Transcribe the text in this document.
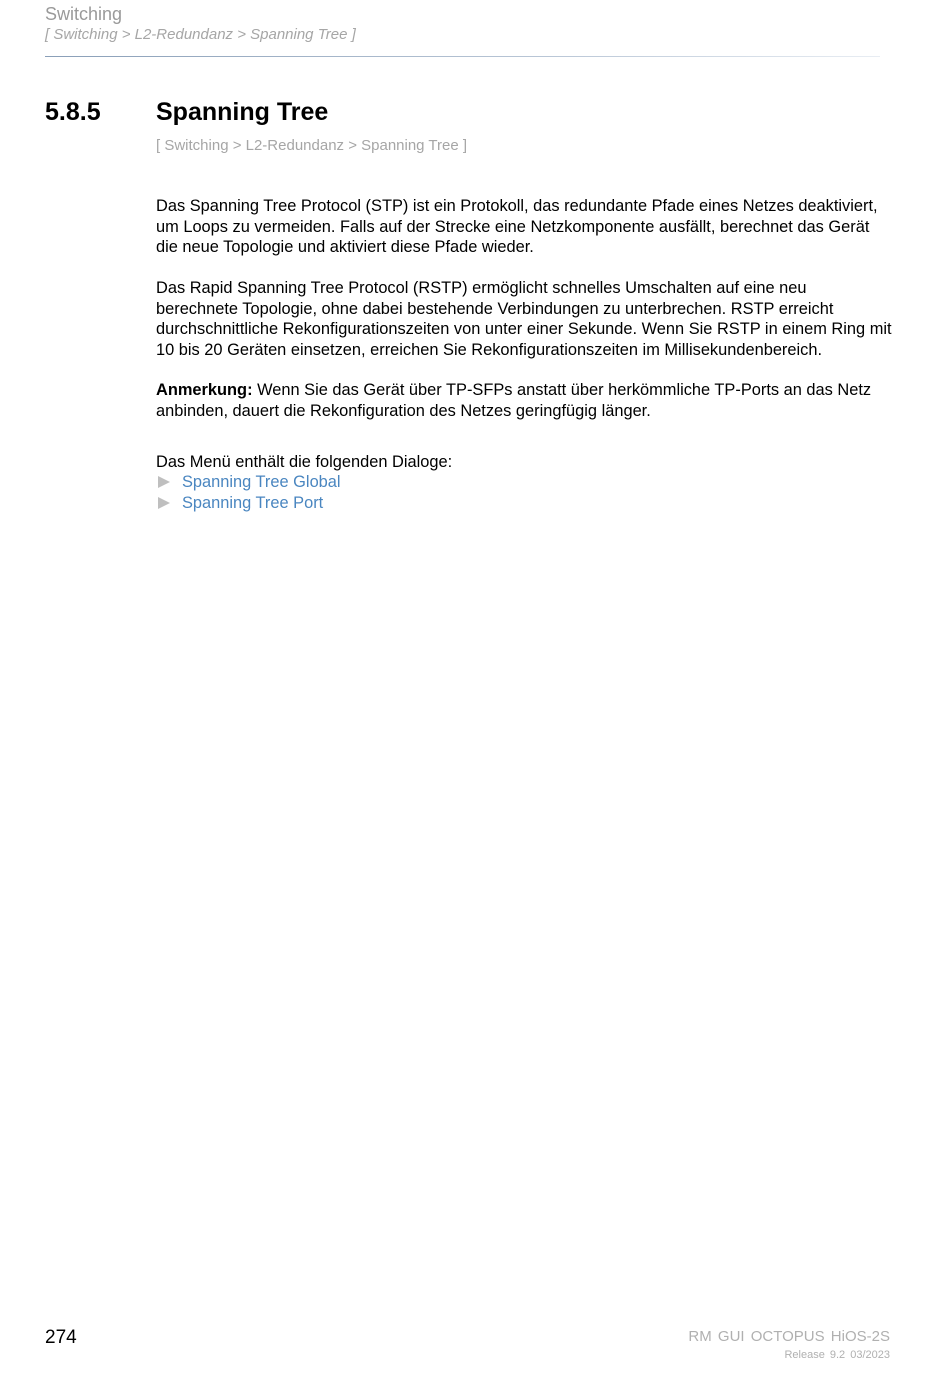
Switching
[ Switching > L2-Redundanz > Spanning Tree ]
5.8.5 Spanning Tree
[ Switching > L2-Redundanz > Spanning Tree ]

Das Spanning Tree Protocol (STP) ist ein Protokoll, das redundante Pfade eines Netzes deaktiviert, um Loops zu vermeiden. Falls auf der Strecke eine Netzkomponente ausfällt, berechnet das Gerät die neue Topologie und aktiviert diese Pfade wieder.

Das Rapid Spanning Tree Protocol (RSTP) ermöglicht schnelles Umschalten auf eine neu berechnete Topologie, ohne dabei bestehende Verbindungen zu unterbrechen. RSTP erreicht durchschnittliche Rekonfigurationszeiten von unter einer Sekunde. Wenn Sie RSTP in einem Ring mit 10 bis 20 Geräten einsetzen, erreichen Sie Rekonfigurationszeiten im Millisekundenbereich.

Anmerkung: Wenn Sie das Gerät über TP-SFPs anstatt über herkömmliche TP-Ports an das Netz anbinden, dauert die Rekonfiguration des Netzes geringfügig länger.

Das Menü enthält die folgenden Dialoge:

Spanning Tree Global
Spanning Tree Port
274	RM GUI OCTOPUS HiOS-2S
Release 9.2 03/2023
